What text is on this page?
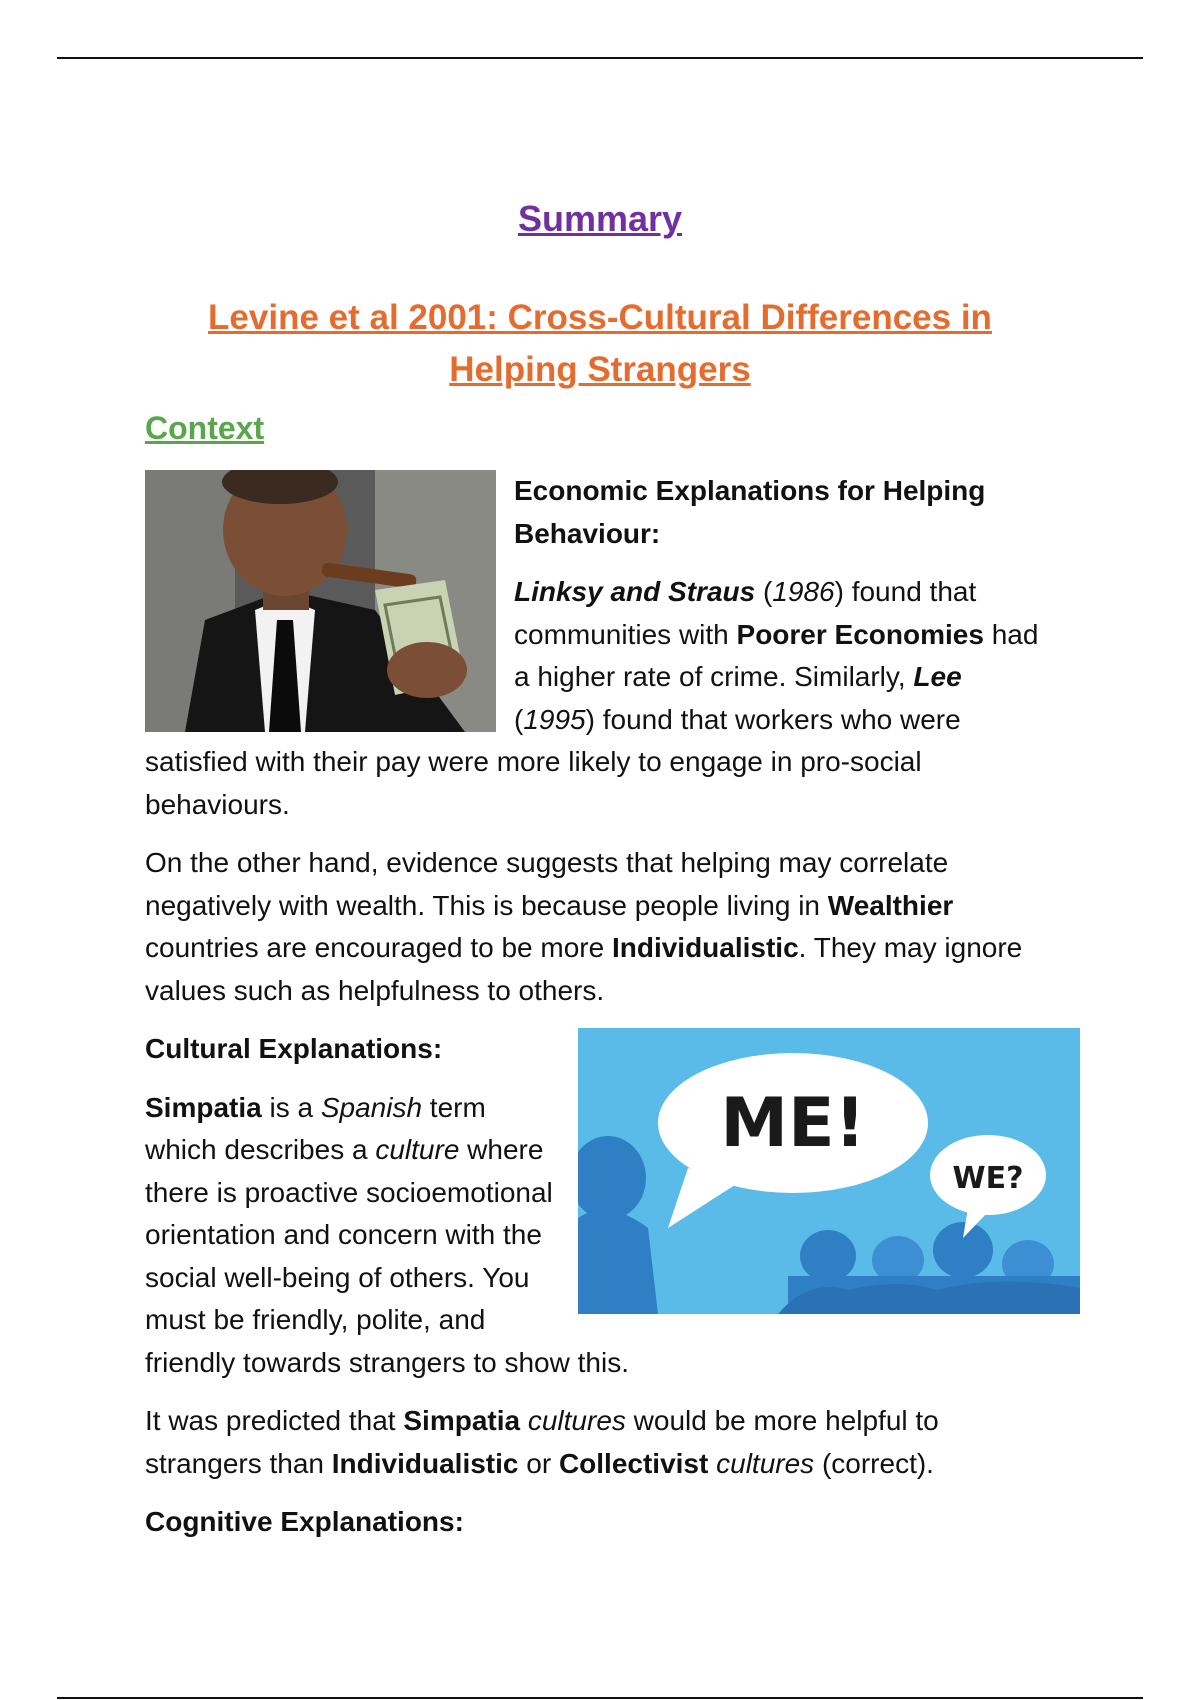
Summary
Levine et al 2001: Cross-Cultural Differences in Helping Strangers
Context

Economic Explanations for Helping Behaviour:

Linksy and Straus (1986) found that communities with Poorer Economies had a higher rate of crime. Similarly, Lee (1995) found that workers who were satisfied with their pay were more likely to engage in pro-social behaviours.

On the other hand, evidence suggests that helping may correlate negatively with wealth. This is because people living in Wealthier countries are encouraged to be more Individualistic. They may ignore values such as helpfulness to others.

ME!
WE?

Cultural Explanations:

Simpatia is a Spanish term which describes a culture where there is proactive socioemotional orientation and concern with the social well-being of others. You must be friendly, polite, and friendly towards strangers to show this.

It was predicted that Simpatia cultures would be more helpful to strangers than Individualistic or Collectivist cultures (correct).

Cognitive Explanations:
